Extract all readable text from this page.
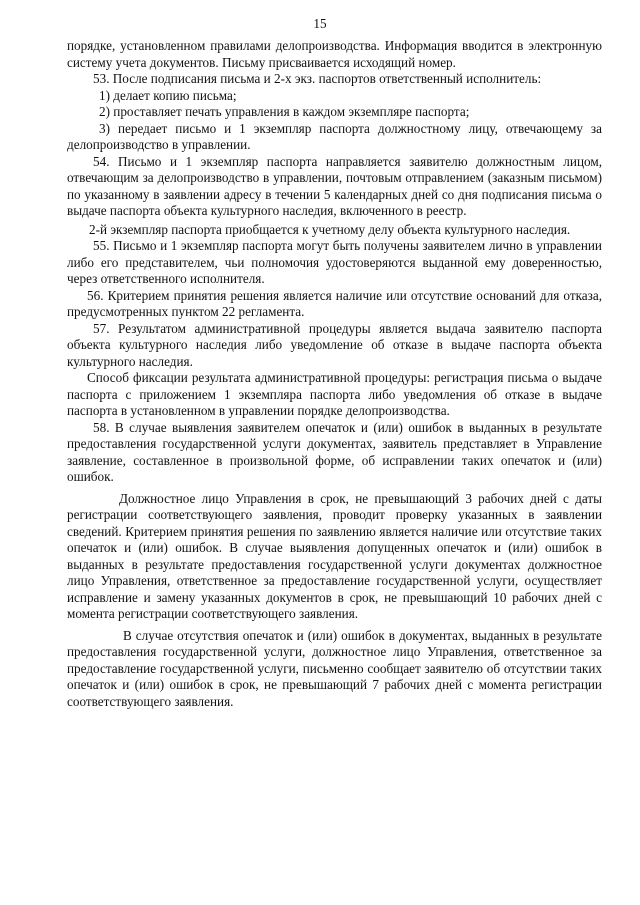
15

порядке, установленном правилами делопроизводства. Информация вводится в электронную систему учета документов. Письму присваивается исходящий номер.

53. После подписания письма и 2-х экз. паспортов ответственный исполнитель:

1) делает копию письма;

2) проставляет печать управления в каждом экземпляре паспорта;

3) передает письмо и 1 экземпляр паспорта должностному лицу, отвечающему за делопроизводство в управлении.

54. Письмо и 1 экземпляр паспорта направляется заявителю должностным лицом, отвечающим за делопроизводство в управлении, почтовым отправлением (заказным письмом) по указанному в заявлении адресу в течении 5 календарных дней со дня подписания письма о выдаче паспорта объекта культурного наследия, включенного в реестр.

2-й экземпляр паспорта приобщается к учетному делу объекта культурного наследия.

55. Письмо и 1 экземпляр паспорта могут быть получены заявителем лично в управлении либо его представителем, чьи полномочия удостоверяются выданной ему доверенностью, через ответственного исполнителя.

56. Критерием принятия решения является наличие или отсутствие оснований для отказа, предусмотренных пунктом 22 регламента.

57. Результатом административной процедуры является выдача заявителю паспорта объекта культурного наследия либо уведомление об отказе в выдаче паспорта объекта культурного наследия.

Способ фиксации результата административной процедуры: регистрация письма о выдаче паспорта с приложением 1 экземпляра паспорта либо уведомления об отказе в выдаче паспорта в установленном в управлении порядке делопроизводства.

58. В случае выявления заявителем опечаток и (или) ошибок в выданных в результате предоставления государственной услуги документах, заявитель представляет в Управление заявление, составленное в произвольной форме, об исправлении таких опечаток и (или) ошибок.

Должностное лицо Управления в срок, не превышающий 3 рабочих дней с даты регистрации соответствующего заявления, проводит проверку указанных в заявлении сведений. Критерием принятия решения по заявлению является наличие или отсутствие таких опечаток и (или) ошибок. В случае выявления допущенных опечаток и (или) ошибок в выданных в результате предоставления государственной услуги документах должностное лицо Управления, ответственное за предоставление государственной услуги, осуществляет исправление и замену указанных документов в срок, не превышающий 10 рабочих дней с момента регистрации соответствующего заявления.

В случае отсутствия опечаток и (или) ошибок в документах, выданных в результате предоставления государственной услуги, должностное лицо Управления, ответственное за предоставление государственной услуги, письменно сообщает заявителю об отсутствии таких опечаток и (или) ошибок в срок, не превышающий 7 рабочих дней с момента регистрации соответствующего заявления.
